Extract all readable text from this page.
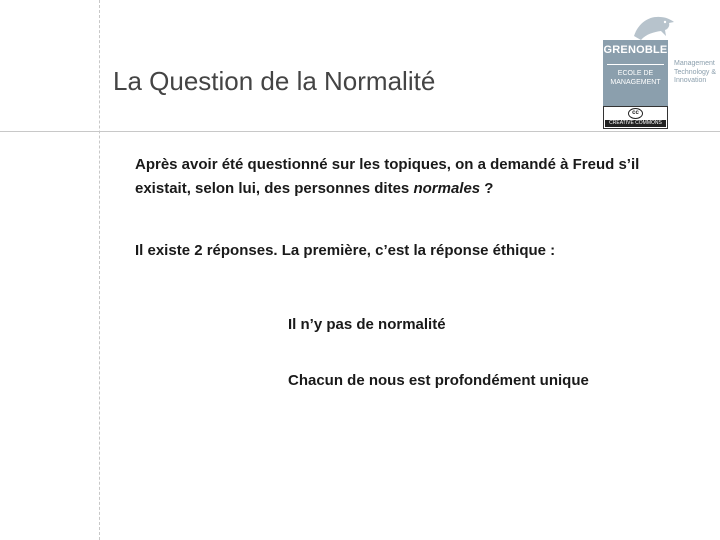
La Question de la Normalité
GRENOBLE
ECOLE DE
MANAGEMENT
Management
Technology &
Innovation
cc
CREATIVE COMMONS

Après avoir été questionné sur les topiques, on a demandé à Freud s’il existait, selon lui, des personnes dites normales ?

Il existe 2 réponses. La première, c’est la réponse éthique :

Il n’y pas de normalité

Chacun de nous est profondément unique
